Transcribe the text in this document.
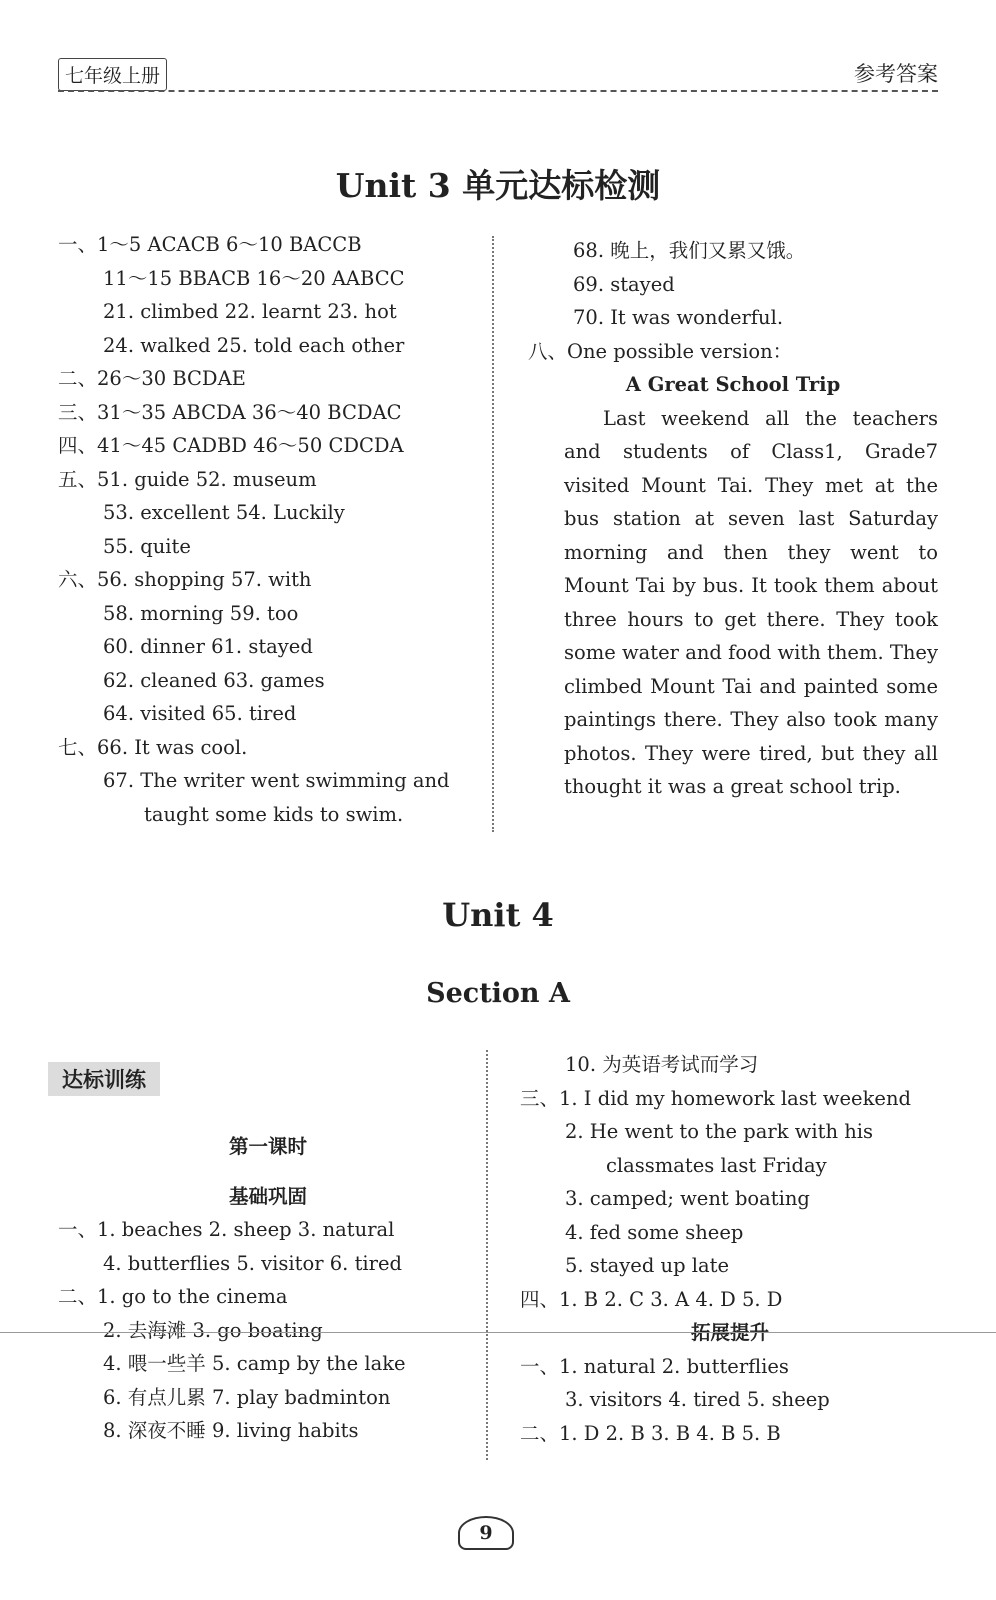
七年级上册	参考答案
Unit 3 单元达标检测
一、1～5 ACACB 6～10 BACCB
11～15 BBACB 16～20 AABCC
21. climbed 22. learnt 23. hot
24. walked 25. told each other
二、26～30 BCDAE
三、31～35 ABCDA 36～40 BCDAC
四、41～45 CADBD 46～50 CDCDA
五、51. guide 52. museum
53. excellent 54. Luckily
55. quite
六、56. shopping 57. with
58. morning 59. too
60. dinner 61. stayed
62. cleaned 63. games
64. visited 65. tired
七、66. It was cool.
67. The writer went swimming and
taught some kids to swim.
68. 晚上，我们又累又饿。
69. stayed
70. It was wonderful.
八、One possible version：
A Great School Trip
Last weekend all the teachers and students of Class1, Grade7 visited Mount Tai. They met at the bus station at seven last Saturday morning and then they went to Mount Tai by bus. It took them about three hours to get there. They took some water and food with them. They climbed Mount Tai and painted some paintings there. They also took many photos. They were tired, but they all thought it was a great school trip.
Unit 4
Section A
达标训练
第一课时
基础巩固
一、1. beaches 2. sheep 3. natural
4. butterflies 5. visitor 6. tired
二、1. go to the cinema
2. 去海滩 3. go boating
4. 喂一些羊 5. camp by the lake
6. 有点儿累 7. play badminton
8. 深夜不睡 9. living habits
10. 为英语考试而学习
三、1. I did my homework last weekend
2. He went to the park with his
classmates last Friday
3. camped; went boating
4. fed some sheep
5. stayed up late
四、1. B 2. C 3. A 4. D 5. D
拓展提升
一、1. natural 2. butterflies
3. visitors 4. tired 5. sheep
二、1. D 2. B 3. B 4. B 5. B
9
